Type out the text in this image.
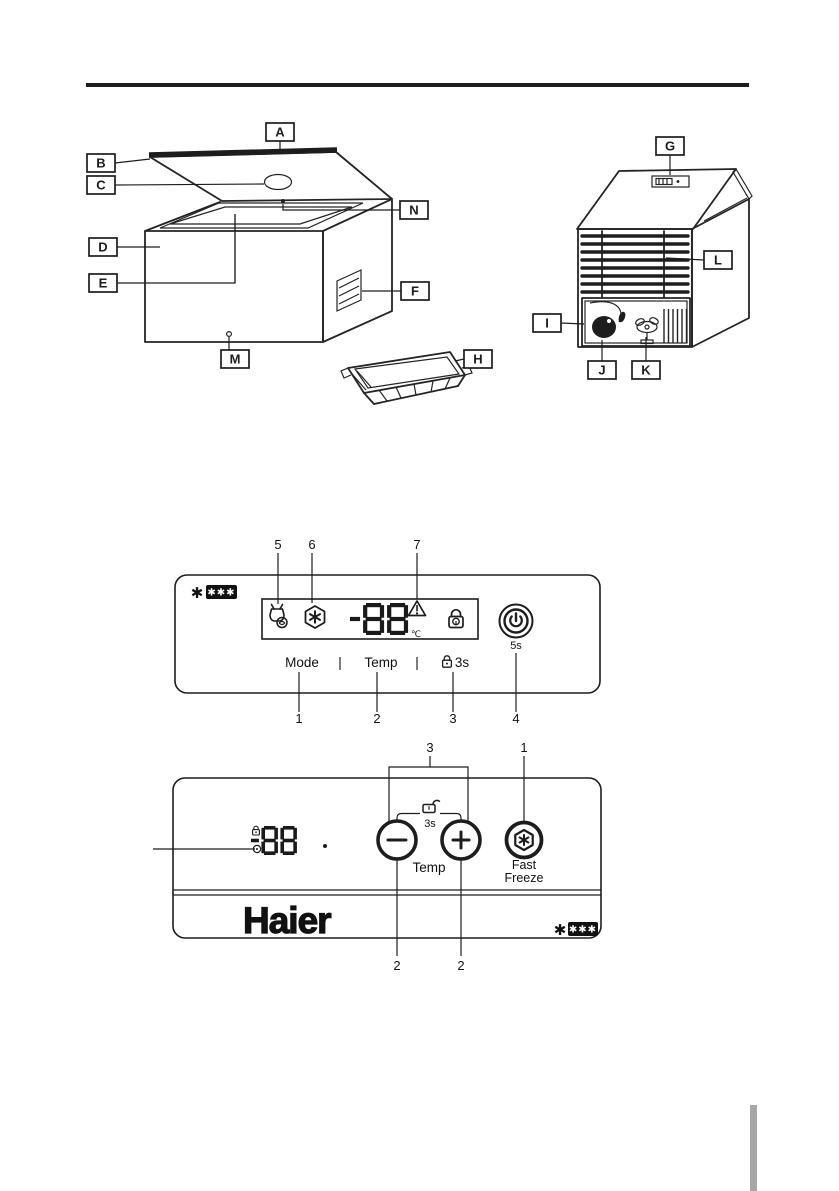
A
B
C
D
E
F
M
N
H
G
L
I
J	K
✱ ✱✱✱
℃
5s
Mode | Temp |	3s
5 6	7
1	2	3	4
3s
Temp	Fast
Freeze
Haier	✱ ✱✱✱
3	1
2	2
